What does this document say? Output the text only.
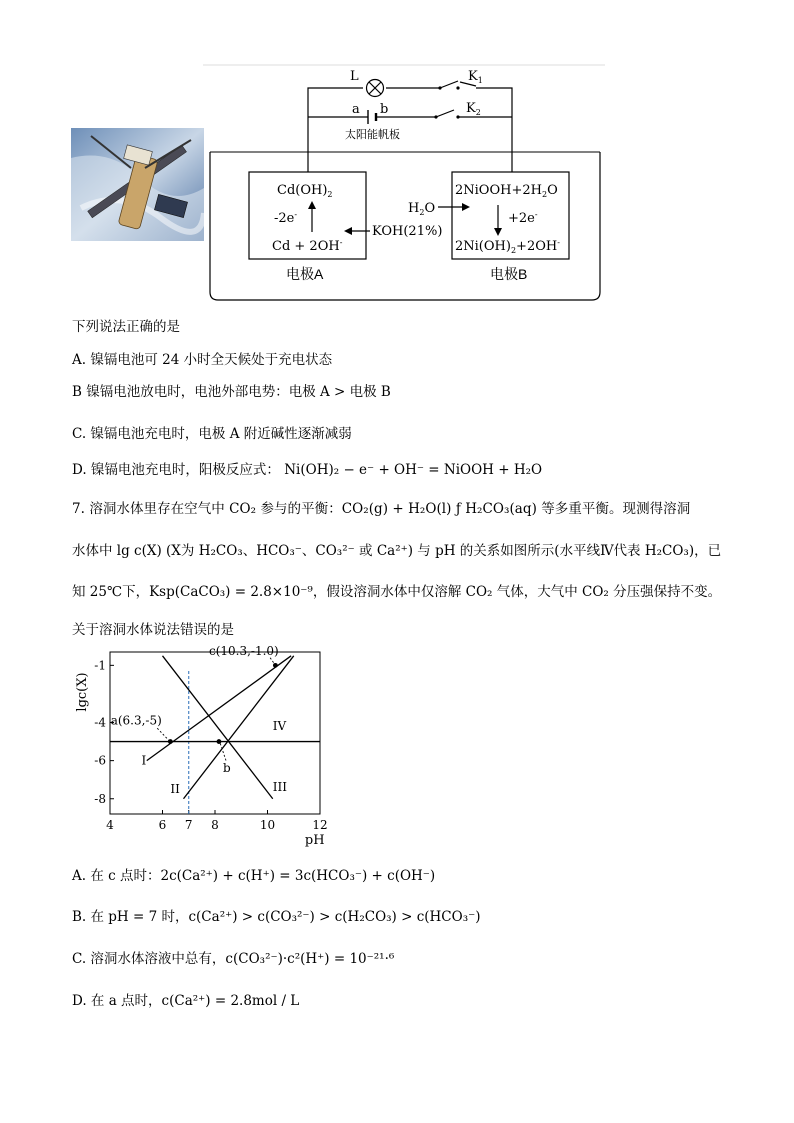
L	$K_1$
$K_2$
a b
太阳能帆板
$Cd(OH)_2$
-2e-
Cd + 2OH-
电极A
$2NiOOH+2H_2O$
+2e-
$2Ni(OH)_2+2OH^-$
电极B
$H_2O$
KOH(21%)
下列说法正确的是
A. 镍镉电池可 24 小时全天候处于充电状态
B 镍镉电池放电时，电池外部电势：电极 A > 电极 B
C. 镍镉电池充电时，电极 A 附近碱性逐渐减弱
D. 镍镉电池充电时，阳极反应式： Ni(OH)₂ − e⁻ + OH⁻ = NiOOH + H₂O
7. 溶洞水体里存在空气中 CO₂ 参与的平衡：CO₂(g) + H₂O(l) ƒ H₂CO₃(aq) 等多重平衡。现测得溶洞
水体中 lg c(X) (X为 H₂CO₃、HCO₃⁻、CO₃²⁻ 或 Ca²⁺) 与 pH 的关系如图所示(水平线Ⅳ代表 H₂CO₃)，已
知 25℃下，Ksp(CaCO₃) = 2.8×10⁻⁹，假设溶洞水体中仅溶解 CO₂ 气体，大气中 CO₂ 分压强保持不变。
关于溶洞水体说法错误的是
4	6 7 8	10	12
-1
-4
-6
-8
pH
lgc(X)
I
II	III
IV
a(6.3,-5)
b
c(10.3,-1.0)
A. 在 c 点时：2c(Ca²⁺) + c(H⁺) = 3c(HCO₃⁻) + c(OH⁻)
B. 在 pH = 7 时，c(Ca²⁺) > c(CO₃²⁻) > c(H₂CO₃) > c(HCO₃⁻)
C. 溶洞水体溶液中总有，c(CO₃²⁻)·c²(H⁺) = 10⁻²¹·⁶
D. 在 a 点时，c(Ca²⁺) = 2.8mol / L
